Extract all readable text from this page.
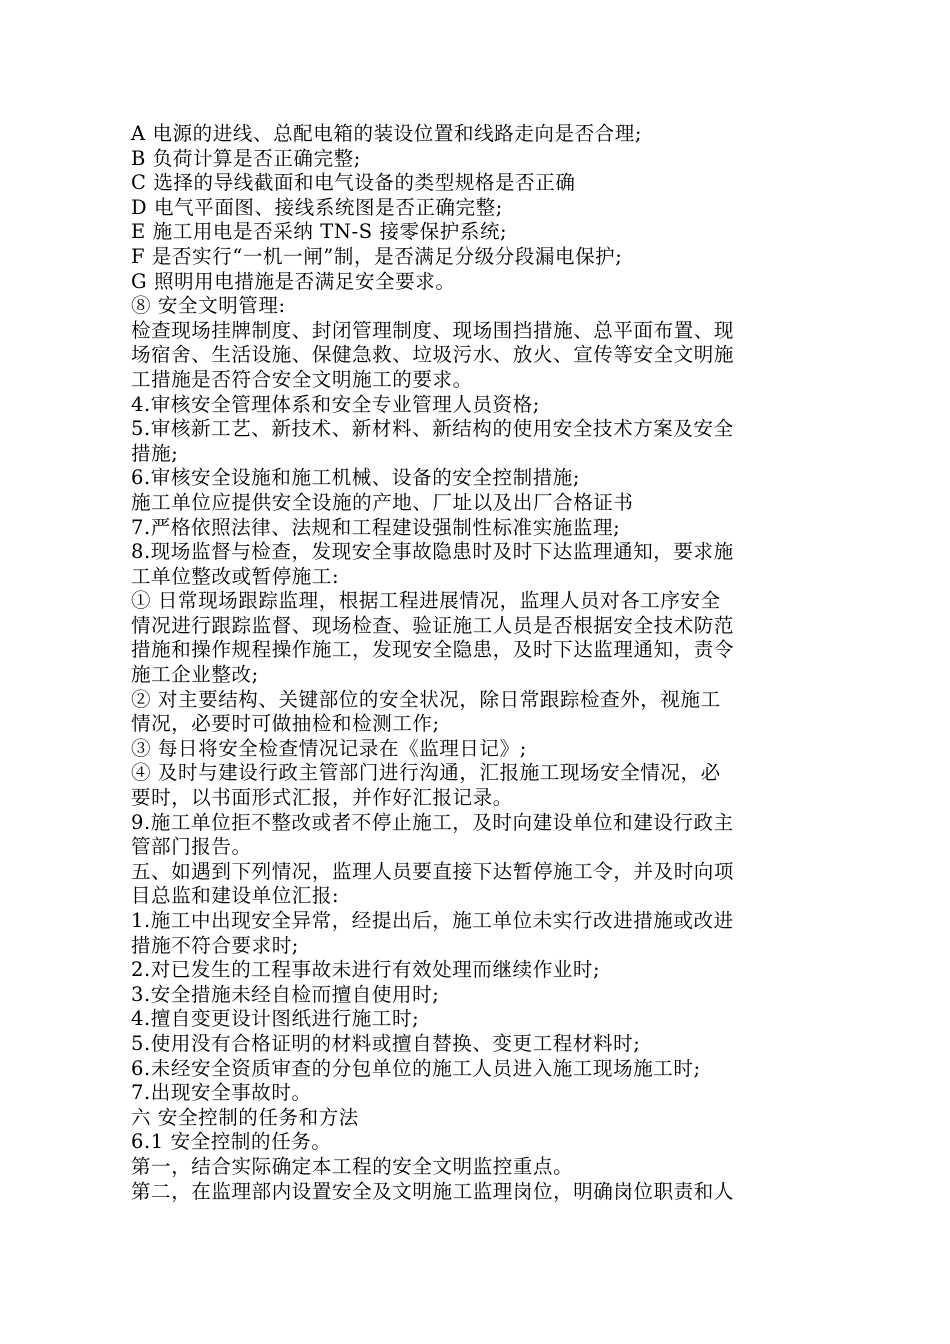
A 电源的进线、总配电箱的装设位置和线路走向是否合理;
B 负荷计算是否正确完整;
C 选择的导线截面和电气设备的类型规格是否正确
D 电气平面图、接线系统图是否正确完整;
E 施工用电是否采纳 TN-S 接零保护系统;
F 是否实行“一机一闸”制，是否满足分级分段漏电保护;
G 照明用电措施是否满足安全要求。
⑧ 安全文明管理:
检查现场挂牌制度、封闭管理制度、现场围挡措施、总平面布置、现
场宿舍、生活设施、保健急救、垃圾污水、放火、宣传等安全文明施
工措施是否符合安全文明施工的要求。
4.审核安全管理体系和安全专业管理人员资格;
5.审核新工艺、新技术、新材料、新结构的使用安全技术方案及安全
措施;
6.审核安全设施和施工机械、设备的安全控制措施;
施工单位应提供安全设施的产地、厂址以及出厂合格证书
7.严格依照法律、法规和工程建设强制性标准实施监理;
8.现场监督与检查，发现安全事故隐患时及时下达监理通知，要求施
工单位整改或暂停施工:
① 日常现场跟踪监理，根据工程进展情况，监理人员对各工序安全
情况进行跟踪监督、现场检查、验证施工人员是否根据安全技术防范
措施和操作规程操作施工，发现安全隐患，及时下达监理通知，责令
施工企业整改;
② 对主要结构、关键部位的安全状况，除日常跟踪检查外，视施工
情况，必要时可做抽检和检测工作;
③ 每日将安全检查情况记录在《监理日记》;
④ 及时与建设行政主管部门进行沟通，汇报施工现场安全情况，必
要时，以书面形式汇报，并作好汇报记录。
9.施工单位拒不整改或者不停止施工，及时向建设单位和建设行政主
管部门报告。
五、如遇到下列情况，监理人员要直接下达暂停施工令，并及时向项
目总监和建设单位汇报:
1.施工中出现安全异常，经提出后，施工单位未实行改进措施或改进
措施不符合要求时;
2.对已发生的工程事故未进行有效处理而继续作业时;
3.安全措施未经自检而擅自使用时;
4.擅自变更设计图纸进行施工时;
5.使用没有合格证明的材料或擅自替换、变更工程材料时;
6.未经安全资质审查的分包单位的施工人员进入施工现场施工时;
7.出现安全事故时。
六 安全控制的任务和方法
6.1 安全控制的任务。
第一，结合实际确定本工程的安全文明监控重点。
第二，在监理部内设置安全及文明施工监理岗位，明确岗位职责和人
